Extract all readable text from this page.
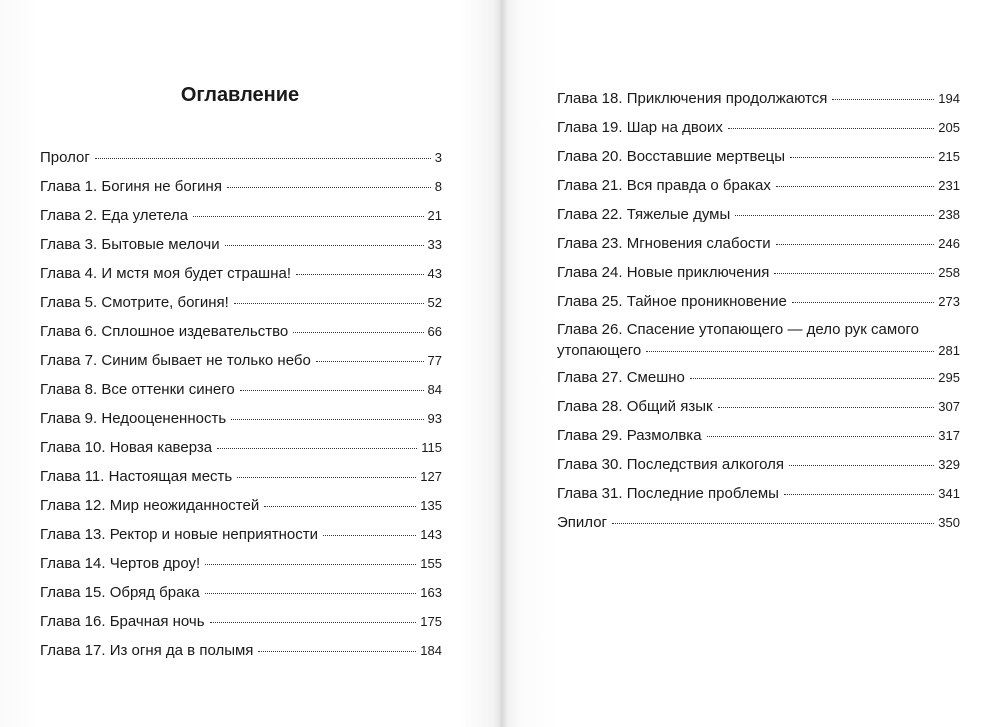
Оглавление
Пролог	3
Глава 1. Богиня не богиня	8
Глава 2. Еда улетела	21
Глава 3. Бытовые мелочи	33
Глава 4. И мстя моя будет страшна!	43
Глава 5. Смотрите, богиня!	52
Глава 6. Сплошное издевательство	66
Глава 7. Синим бывает не только небо	77
Глава 8. Все оттенки синего	84
Глава 9. Недооцененность	93
Глава 10. Новая каверза	115
Глава 11. Настоящая месть	127
Глава 12. Мир неожиданностей	135
Глава 13. Ректор и новые неприятности	143
Глава 14. Чертов дроу!	155
Глава 15. Обряд брака	163
Глава 16. Брачная ночь	175
Глава 17. Из огня да в полымя	184
Глава 18. Приключения продолжаются	194
Глава 19. Шар на двоих	205
Глава 20. Восставшие мертвецы	215
Глава 21. Вся правда о браках	231
Глава 22. Тяжелые думы	238
Глава 23. Мгновения слабости	246
Глава 24. Новые приключения	258
Глава 25. Тайное проникновение	273
Глава 26. Спасение утопающего — дело рук самого
утопающего	281
Глава 27. Смешно	295
Глава 28. Общий язык	307
Глава 29. Размолвка	317
Глава 30. Последствия алкоголя	329
Глава 31. Последние проблемы	341
Эпилог	350
